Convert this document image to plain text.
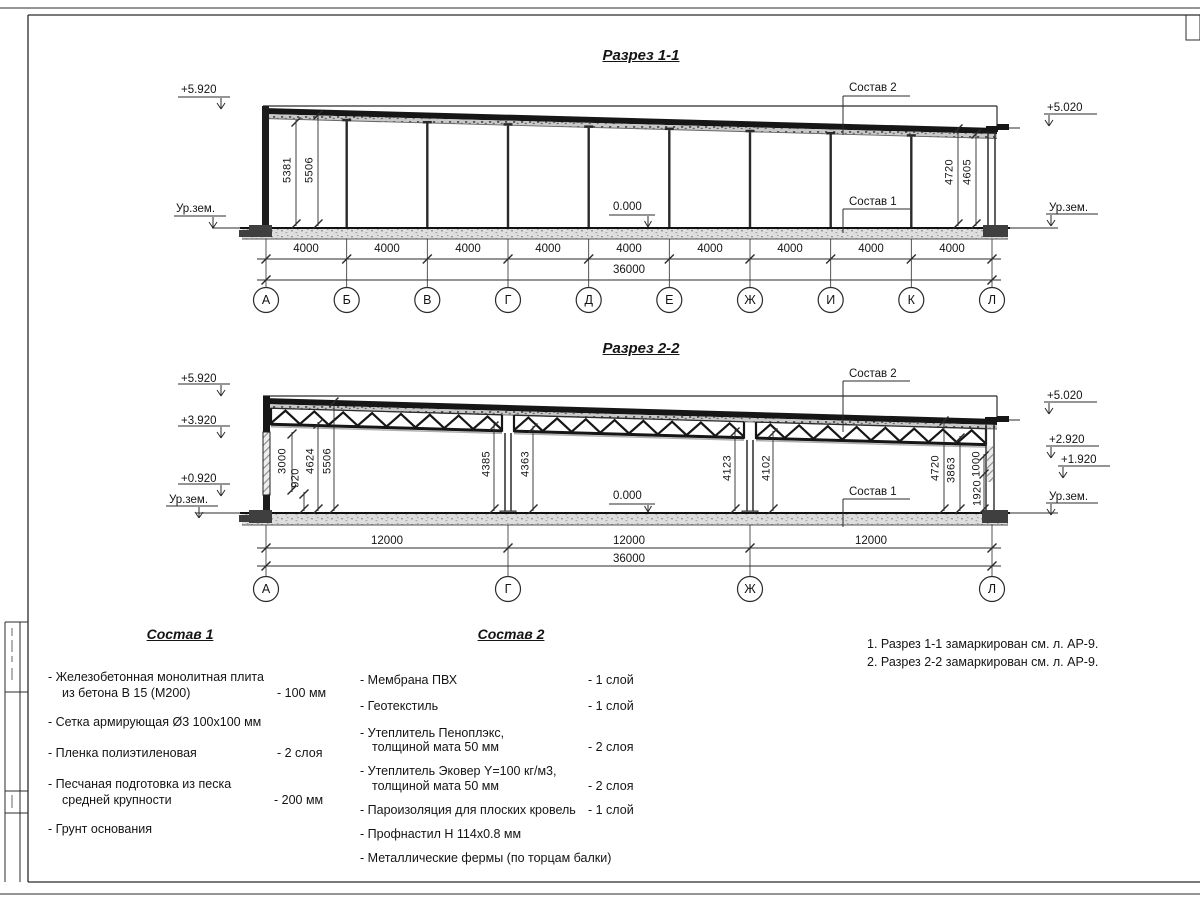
Разрез 1-1
+5.920
Ур.зем.
+5.020
Ур.зем.
0.000
Состав 2
Состав 1
5381 5506	4720 4605
4000	4000	4000	4000	4000	4000	4000	4000	4000
36000
А	Б	В	Г	Д	Е	Ж	И	К	Л
Разрез 2-2
+5.920
+3.920
+0.920
Ур.зем.
+5.020
+2.920
+1.920
Ур.зем.
0.000
Состав 2
Состав 1
3000
920
4624 5506	4385 4363	4123 4102	4720 3863 1000
1920
12000	12000	12000
36000
А	Г	Ж	Л
Состав 1
- Железобетонная монолитная плита
из бетона В 15 (М200)	- 100 мм
- Сетка армирующая Ø3 100х100 мм
- Пленка полиэтиленовая	- 2 слоя
- Песчаная подготовка из песка
средней крупности	- 200 мм
- Грунт основания
Состав 2
- Мембрана ПВХ	- 1 слой
- Геотекстиль	- 1 слой
- Утеплитель Пеноплэкс,
толщиной мата 50 мм	- 2 слоя
- Утеплитель Эковер Y=100 кг/м3,
толщиной мата 50 мм	- 2 слоя
- Пароизоляция для плоских кровель - 1 слой
- Профнастил Н 114х0.8 мм
- Металлические фермы (по торцам балки)
1. Разрез 1-1 замаркирован см. л. АР-9.
2. Разрез 2-2 замаркирован см. л. АР-9.
